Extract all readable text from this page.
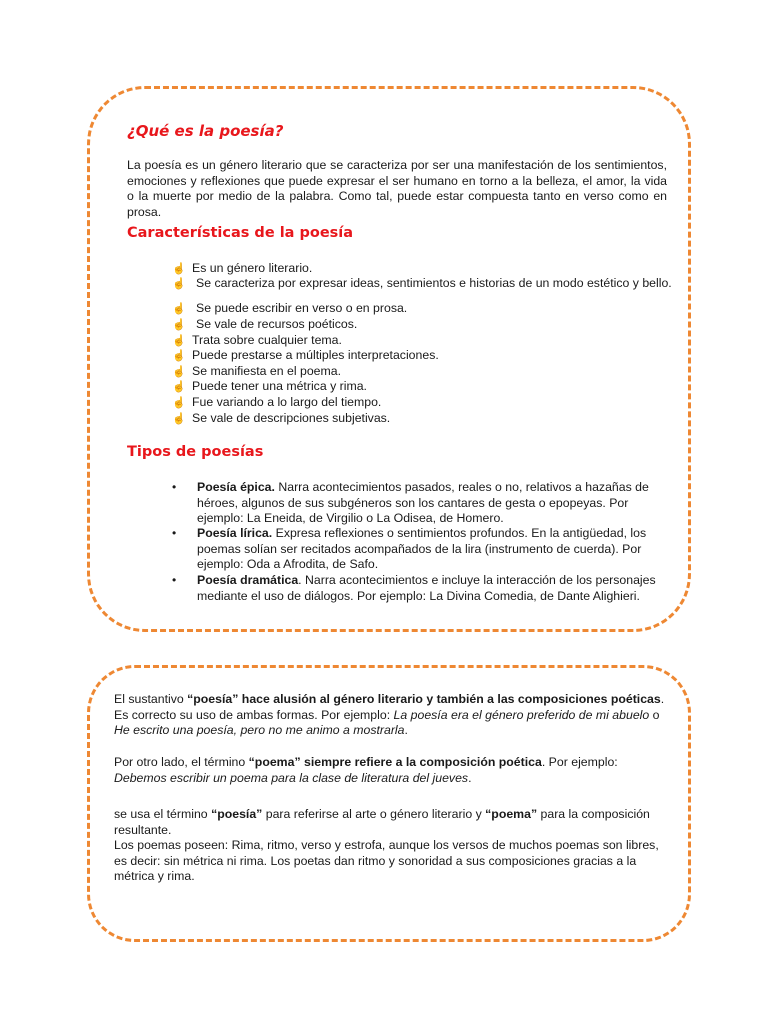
¿Qué es la poesía?
La poesía es un género literario que se caracteriza por ser una manifestación de los sentimientos, emociones y reflexiones que puede expresar el ser humano en torno a la belleza, el amor, la vida o la muerte por medio de la palabra. Como tal, puede estar compuesta tanto en verso como en prosa.
Características de la poesía
☝ Es un género literario.
☝ Se caracteriza por expresar ideas, sentimientos e historias de un modo estético y bello.
☝ Se puede escribir en verso o en prosa.
☝ Se vale de recursos poéticos.
☝ Trata sobre cualquier tema.
☝ Puede prestarse a múltiples interpretaciones.
☝ Se manifiesta en el poema.
☝ Puede tener una métrica y rima.
☝ Fue variando a lo largo del tiempo.
☝ Se vale de descripciones subjetivas.
Tipos de poesías
• Poesía épica. Narra acontecimientos pasados, reales o no, relativos a hazañas de héroes, algunos de sus subgéneros son los cantares de gesta o epopeyas. Por ejemplo: La Eneida, de Virgilio o La Odisea, de Homero.
• Poesía lírica. Expresa reflexiones o sentimientos profundos. En la antigüedad, los poemas solían ser recitados acompañados de la lira (instrumento de cuerda). Por ejemplo: Oda a Afrodita, de Safo.
• Poesía dramática. Narra acontecimientos e incluye la interacción de los personajes mediante el uso de diálogos. Por ejemplo: La Divina Comedia, de Dante Alighieri.
El sustantivo “poesía” hace alusión al género literario y también a las composiciones poéticas. Es correcto su uso de ambas formas. Por ejemplo: La poesía era el género preferido de mi abuelo o He escrito una poesía, pero no me animo a mostrarla.
Por otro lado, el término “poema” siempre refiere a la composición poética. Por ejemplo: Debemos escribir un poema para la clase de literatura del jueves.
se usa el término “poesía” para referirse al arte o género literario y “poema” para la composición resultante.
Los poemas poseen: Rima, ritmo, verso y estrofa, aunque los versos de muchos poemas son libres, es decir: sin métrica ni rima. Los poetas dan ritmo y sonoridad a sus composiciones gracias a la métrica y rima.
